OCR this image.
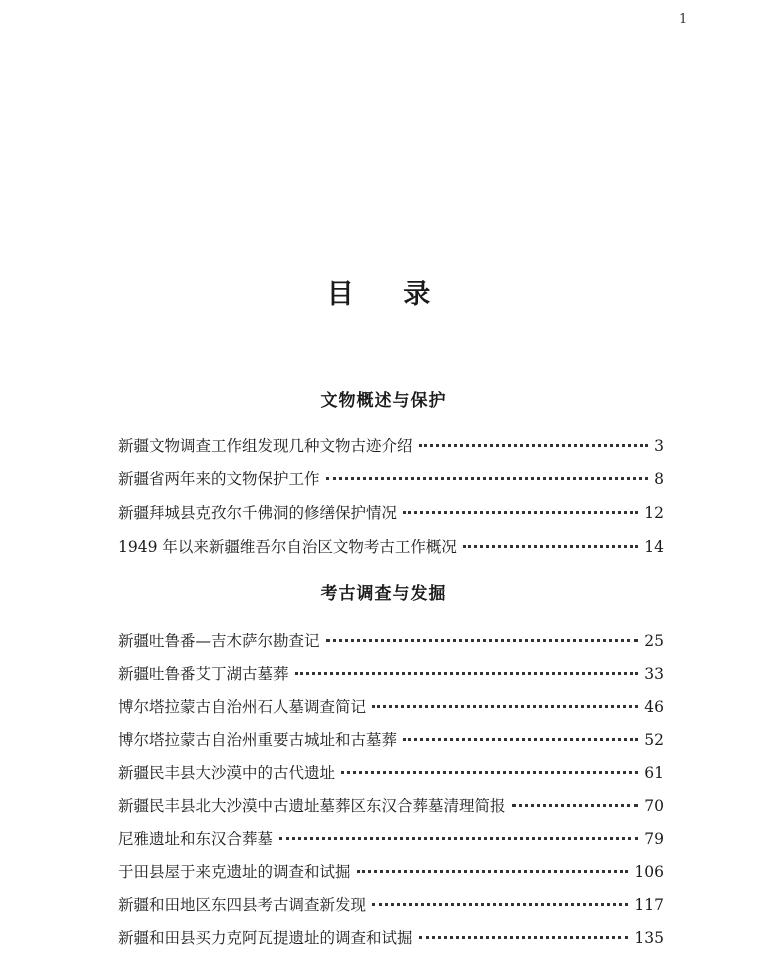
1
目 录
文物概述与保护
新疆文物调查工作组发现几种文物古迹介绍	3
新疆省两年来的文物保护工作	8
新疆拜城县克孜尔千佛洞的修缮保护情况	12
1949 年以来新疆维吾尔自治区文物考古工作概况	14
考古调查与发掘
新疆吐鲁番—吉木萨尔勘查记	25
新疆吐鲁番艾丁湖古墓葬	33
博尔塔拉蒙古自治州石人墓调查简记	46
博尔塔拉蒙古自治州重要古城址和古墓葬	52
新疆民丰县大沙漠中的古代遗址	61
新疆民丰县北大沙漠中古遗址墓葬区东汉合葬墓清理简报	70
尼雅遗址和东汉合葬墓	79
于田县屋于来克遗址的调查和试掘	106
新疆和田地区东四县考古调查新发现	117
新疆和田县买力克阿瓦提遗址的调查和试掘	135
